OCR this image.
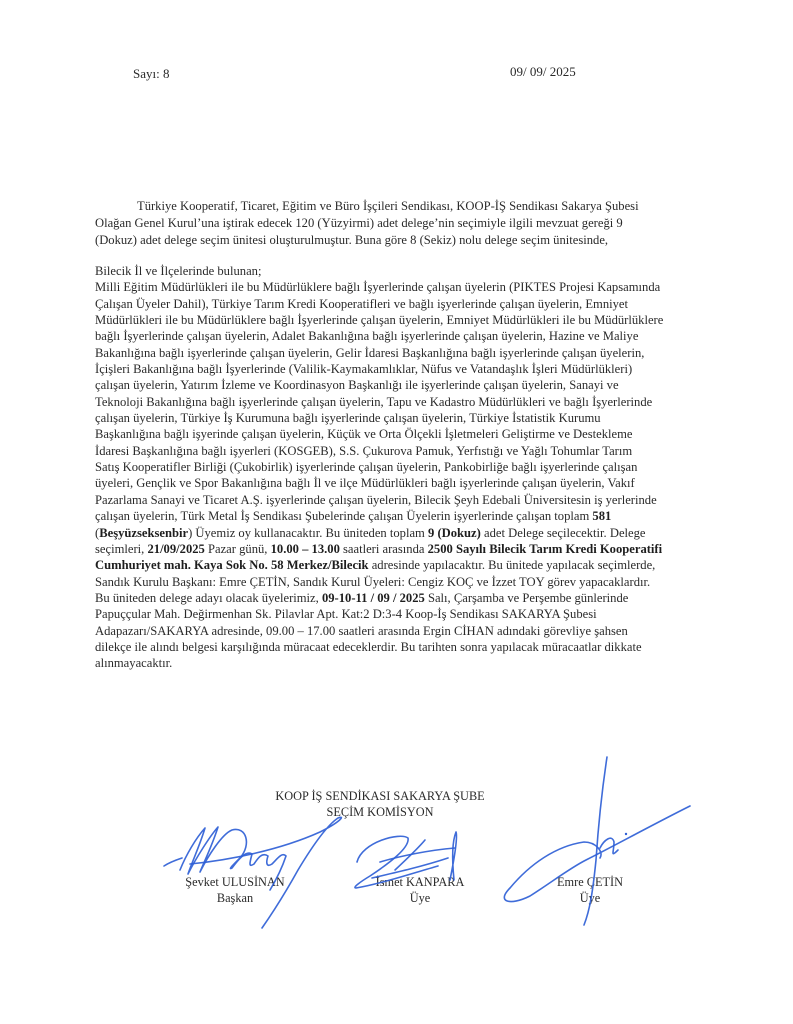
Sayı: 8	09/ 09/ 2025
Türkiye Kooperatif, Ticaret, Eğitim ve Büro İşçileri Sendikası, KOOP-İŞ Sendikası Sakarya Şubesi
Olağan Genel Kurul’una iştirak edecek 120 (Yüzyirmi) adet delege’nin seçimiyle ilgili mevzuat gereği 9
(Dokuz) adet delege seçim ünitesi oluşturulmuştur. Buna göre 8 (Sekiz) nolu delege seçim ünitesinde,
Bilecik İl ve İlçelerinde bulunan;
Milli Eğitim Müdürlükleri ile bu Müdürlüklere bağlı İşyerlerinde çalışan üyelerin (PIKTES Projesi Kapsamında
Çalışan Üyeler Dahil), Türkiye Tarım Kredi Kooperatifleri ve bağlı işyerlerinde çalışan üyelerin, Emniyet
Müdürlükleri ile bu Müdürlüklere bağlı İşyerlerinde çalışan üyelerin, Emniyet Müdürlükleri ile bu Müdürlüklere
bağlı İşyerlerinde çalışan üyelerin, Adalet Bakanlığına bağlı işyerlerinde çalışan üyelerin, Hazine ve Maliye
Bakanlığına bağlı işyerlerinde çalışan üyelerin, Gelir İdaresi Başkanlığına bağlı işyerlerinde çalışan üyelerin,
İçişleri Bakanlığına bağlı İşyerlerinde (Valilik-Kaymakamlıklar, Nüfus ve Vatandaşlık İşleri Müdürlükleri)
çalışan üyelerin, Yatırım İzleme ve Koordinasyon Başkanlığı ile işyerlerinde çalışan üyelerin, Sanayi ve
Teknoloji Bakanlığına bağlı işyerlerinde çalışan üyelerin, Tapu ve Kadastro Müdürlükleri ve bağlı İşyerlerinde
çalışan üyelerin, Türkiye İş Kurumuna bağlı işyerlerinde çalışan üyelerin, Türkiye İstatistik Kurumu
Başkanlığına bağlı işyerinde çalışan üyelerin, Küçük ve Orta Ölçekli İşletmeleri Geliştirme ve Destekleme
İdaresi Başkanlığına bağlı işyerleri (KOSGEB), S.S. Çukurova Pamuk, Yerfıstığı ve Yağlı Tohumlar Tarım
Satış Kooperatifler Birliği (Çukobirlik) işyerlerinde çalışan üyelerin, Pankobirliğe bağlı işyerlerinde çalışan
üyeleri, Gençlik ve Spor Bakanlığına bağlı İl ve ilçe Müdürlükleri bağlı işyerlerinde çalışan üyelerin, Vakıf
Pazarlama Sanayi ve Ticaret A.Ş. işyerlerinde çalışan üyelerin, Bilecik Şeyh Edebali Üniversitesin iş yerlerinde
çalışan üyelerin, Türk Metal İş Sendikası Şubelerinde çalışan Üyelerin işyerlerinde çalışan toplam 581
(Beşyüzseksenbir) Üyemiz oy kullanacaktır. Bu üniteden toplam 9 (Dokuz) adet Delege seçilecektir. Delege
seçimleri, 21/09/2025 Pazar günü, 10.00 – 13.00 saatleri arasında 2500 Sayılı Bilecik Tarım Kredi Kooperatifi
Cumhuriyet mah. Kaya Sok No. 58 Merkez/Bilecik adresinde yapılacaktır. Bu ünitede yapılacak seçimlerde,
Sandık Kurulu Başkanı: Emre ÇETİN, Sandık Kurul Üyeleri: Cengiz KOÇ ve İzzet TOY görev yapacaklardır.
Bu üniteden delege adayı olacak üyelerimiz, 09-10-11 / 09 / 2025 Salı, Çarşamba ve Perşembe günlerinde
Papuççular Mah. Değirmenhan Sk. Pilavlar Apt. Kat:2 D:3-4 Koop-İş Sendikası SAKARYA Şubesi
Adapazarı/SAKARYA adresinde, 09.00 – 17.00 saatleri arasında Ergin CİHAN adındaki görevliye şahsen
dilekçe ile alındı belgesi karşılığında müracaat edeceklerdir. Bu tarihten sonra yapılacak müracaatlar dikkate
alınmayacaktır.
KOOP İŞ SENDİKASI SAKARYA ŞUBE
SEÇİM KOMİSYON
Şevket ULUSİNAN
Başkan
İsmet KANPARA
Üye
Emre ÇETİN
Üye
